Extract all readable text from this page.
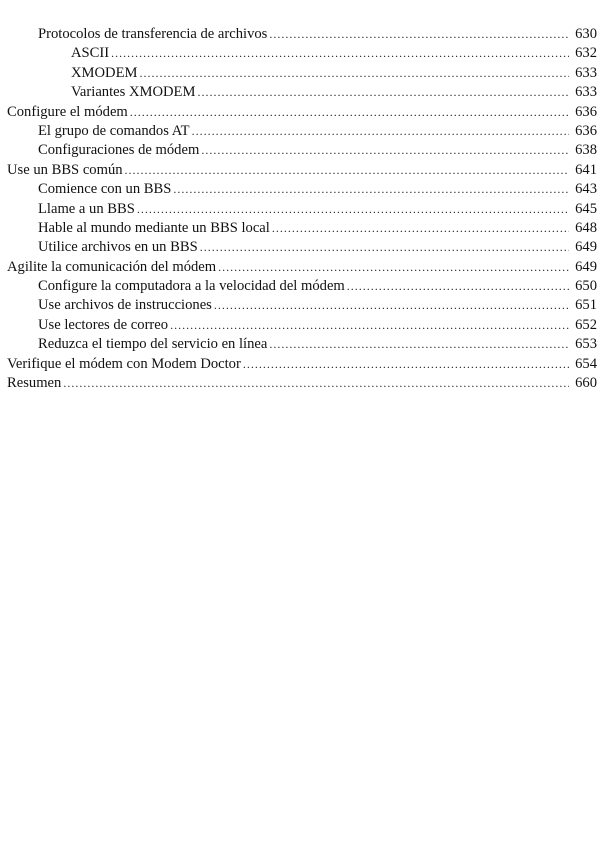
Protocolos de transferencia de archivos .....	630
ASCII .....	632
XMODEM .....	633
Variantes XMODEM .....	633
Configure el módem .....	636
El grupo de comandos AT .....	636
Configuraciones de módem .....	638
Use un BBS común .....	641
Comience con un BBS .....	643
Llame a un BBS .....	645
Hable al mundo mediante un BBS local .....	648
Utilice archivos en un BBS .....	649
Agilite la comunicación del módem .....	649
Configure la computadora a la velocidad del módem .....	650
Use archivos de instrucciones .....	651
Use lectores de correo .....	652
Reduzca el tiempo del servicio en línea .....	653
Verifique el módem con Modem Doctor .....	654
Resumen .....	660
